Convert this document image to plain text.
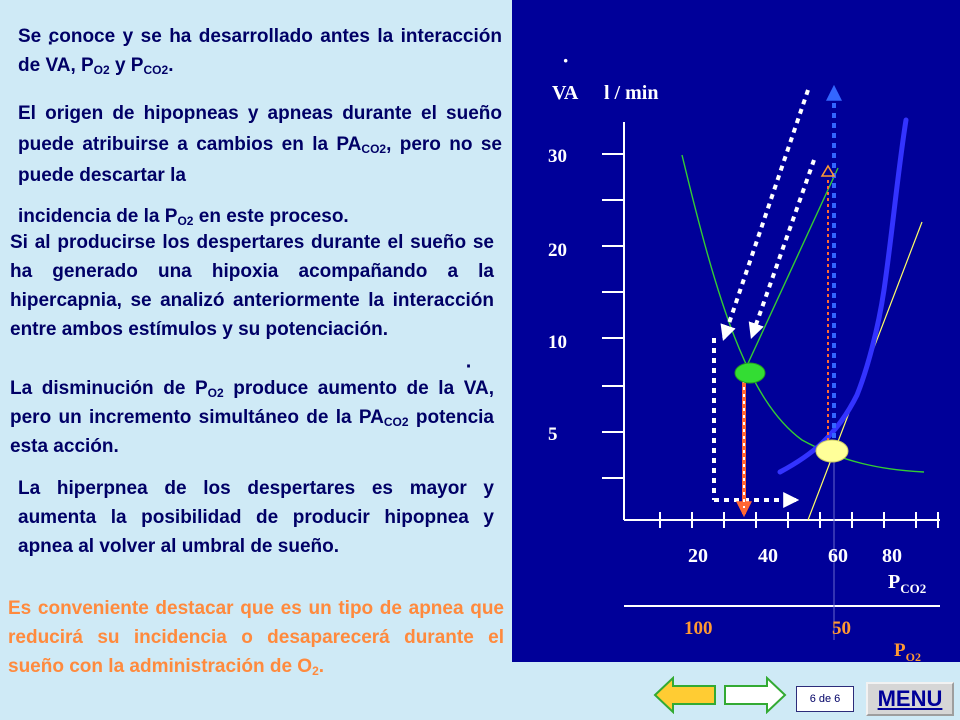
Se conoce y se ha desarrollado antes la interacción de · VA, $P_{O2}$ y $P_{CO2}$.

El origen de hipopneas y apneas durante el sueño puede atribuirse a cambios en la $PA_{CO2}$, pero no se puede descartar la
incidencia de la $P_{O2}$ en este proceso.

Si al producirse los despertares durante el sueño se ha generado una hipoxia acompañando a la hipercapnia, se analizó anteriormente la interacción entre ambos estímulos y su potenciación.

La disminución de $P_{O2}$ produce aumento de la · VA, pero un incremento simultáneo de la $PA_{CO2}$ potencia esta acción.

La hiperpnea de los despertares es mayor y aumenta la posibilidad de producir hipopnea y apnea al volver al umbral de sueño.

Es conveniente destacar que es un tipo de apnea que reducirá su incidencia o desaparecerá durante el sueño con la administración de $O_2$.

·
VA l / min
30
20
10
5
20	40	60 80
$P_{CO2}$
100	50
$P_{O2}$
6 de 6	MENU
